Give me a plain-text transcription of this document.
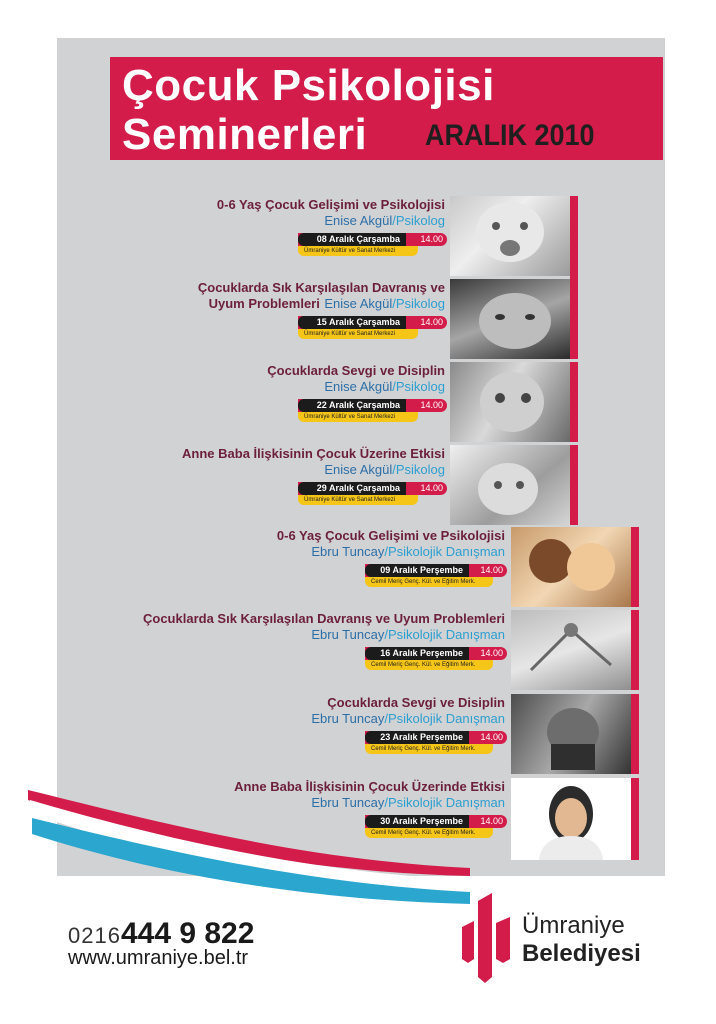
Çocuk Psikolojisi
Seminerleri ARALIK 2010
0-6 Yaş Çocuk Gelişimi ve Psikolojisi
Enise Akgül/Psikolog
08 Aralık Çarşamba	14.00
Ümraniye Kültür ve Sanat Merkezi
Çocuklarda Sık Karşılaşılan Davranış ve
Uyum Problemleri Enise Akgül/Psikolog
15 Aralık Çarşamba	14.00
Ümraniye Kültür ve Sanat Merkezi
Çocuklarda Sevgi ve Disiplin
Enise Akgül/Psikolog
22 Aralık Çarşamba	14.00
Ümraniye Kültür ve Sanat Merkezi
Anne Baba İlişkisinin Çocuk Üzerine Etkisi
Enise Akgül/Psikolog
29 Aralık Çarşamba	14.00
Ümraniye Kültür ve Sanat Merkezi
0-6 Yaş Çocuk Gelişimi ve Psikolojisi
Ebru Tuncay/Psikolojik Danışman
09 Aralık Perşembe	14.00
Cemil Meriç Genç. Kül. ve Eğitim Merk.
Çocuklarda Sık Karşılaşılan Davranış ve Uyum Problemleri
Ebru Tuncay/Psikolojik Danışman
16 Aralık Perşembe	14.00
Cemil Meriç Genç. Kül. ve Eğitim Merk.
Çocuklarda Sevgi ve Disiplin
Ebru Tuncay/Psikolojik Danışman
23 Aralık Perşembe	14.00
Cemil Meriç Genç. Kül. ve Eğitim Merk.
Anne Baba İlişkisinin Çocuk Üzerinde Etkisi
Ebru Tuncay/Psikolojik Danışman
30 Aralık Perşembe	14.00
Cemil Meriç Genç. Kül. ve Eğitim Merk.
0216444 9 822
www.umraniye.bel.tr
Ümraniye
Belediyesi
